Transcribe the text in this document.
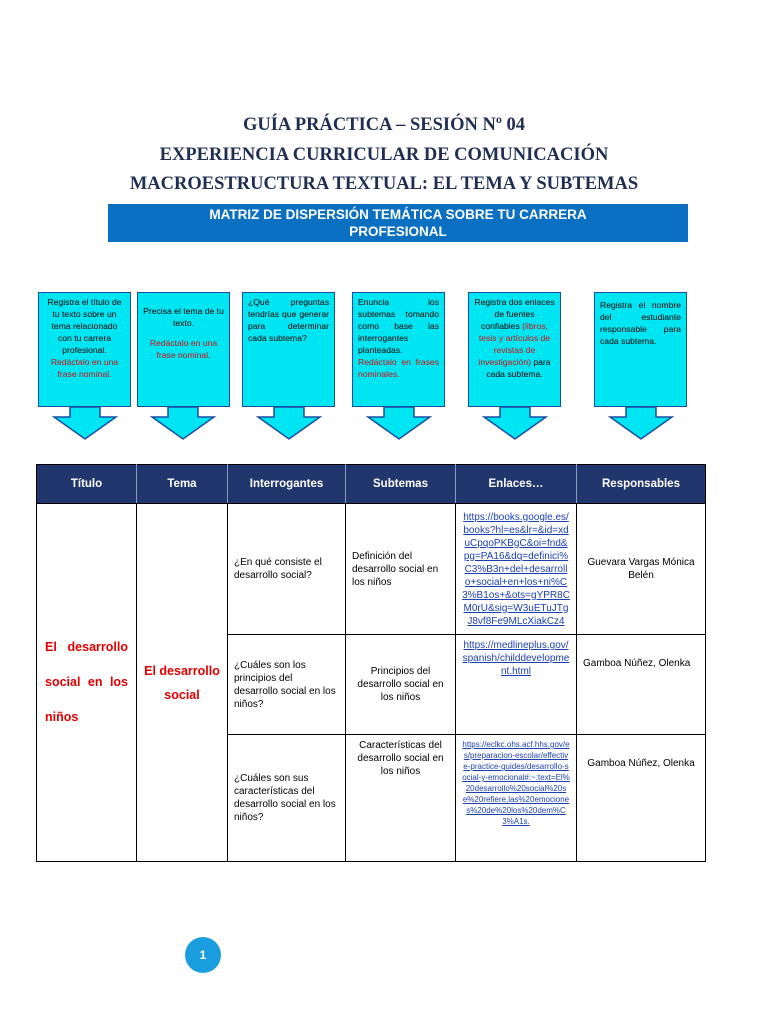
GUÍA PRÁCTICA – SESIÓN Nº 04
EXPERIENCIA CURRICULAR DE COMUNICACIÓN
MACROESTRUCTURA TEXTUAL: EL TEMA Y SUBTEMAS
MATRIZ DE DISPERSIÓN TEMÁTICA SOBRE TU CARRERA
PROFESIONAL
Registra el título de tu texto sobre un tema relacionado con tu carrera profesional. Redáctalo en una frase nominal.
Precisa el tema de tu texto.
Redáctalo en una frase nominal.
¿Qué preguntas tendrías que generar para determinar cada subtema?
Enuncia los subtemas tomando como base las interrogantes planteadas. Redáctalo en frases nominales.
Registra dos enlaces de fuentes confiables (libros, tesis y artículos de revistas de investigación) para cada subtema.
Registra el nombre del estudiante responsable para cada subtema.
Título	Tema	Interrogantes	Subtemas	Enlaces…	Responsables
El desarrollo social en los niños	El desarrollo social	¿En qué consiste el desarrollo social?	Definición del desarrollo social en los niños	https://books.google.es/books?hl=es&lr=&id=xduCpqoPKBgC&oi=fnd&pg=PA16&dq=definici%C3%B3n+del+desarrollo+social+en+los+ni%C3%B1os+&ots=gYPR8CM0rU&sig=W3uETuJTgJ8vf8Fe9MLcXiakCz4	Guevara Vargas Mónica Belén
		¿Cuáles son los principios del desarrollo social en los niños?	Principios del desarrollo social en los niños	https://medlineplus.gov/spanish/childdevelopment.html	Gamboa Núñez, Olenka
		¿Cuáles son sus características del desarrollo social en los niños?	Características del desarrollo social en los niños	https://eclkc.ohs.acf.hhs.gov/es/preparacion-escolar/effective-practice-guides/desarrollo-social-y-emocional#:~:text=El%20desarrollo%20social%20se%20refiere,las%20emociones%20de%20los%20dem%C3%A1s.	Gamboa Núñez, Olenka
1
